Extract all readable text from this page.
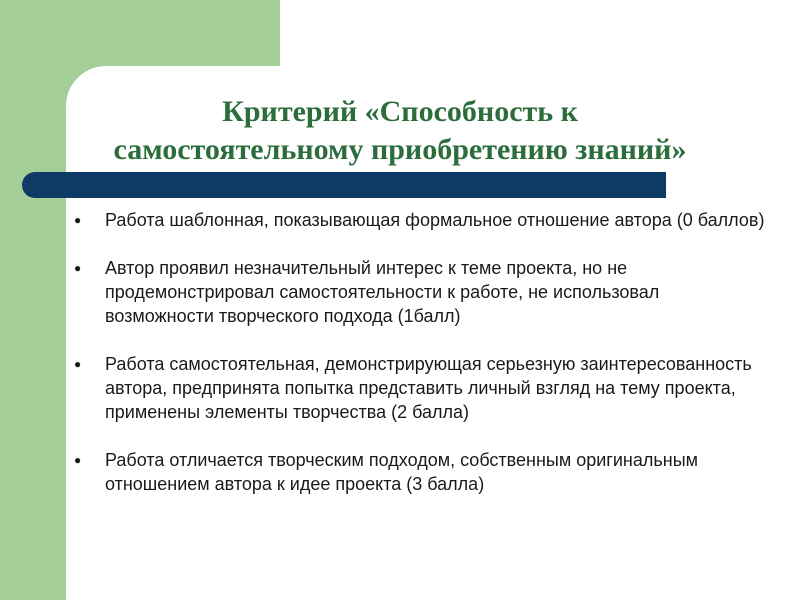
Критерий «Способность к
самостоятельному приобретению знаний»
● Работа шаблонная, показывающая формальное отношение автора (0 баллов)
● Автор проявил незначительный интерес к теме проекта, но не продемонстрировал самостоятельности к работе, не использовал возможности творческого подхода (1балл)
● Работа самостоятельная, демонстрирующая серьезную заинтересованность автора, предпринята попытка представить личный взгляд на тему проекта, применены элементы творчества (2 балла)
● Работа отличается творческим подходом, собственным оригинальным отношением автора к идее проекта (3 балла)
